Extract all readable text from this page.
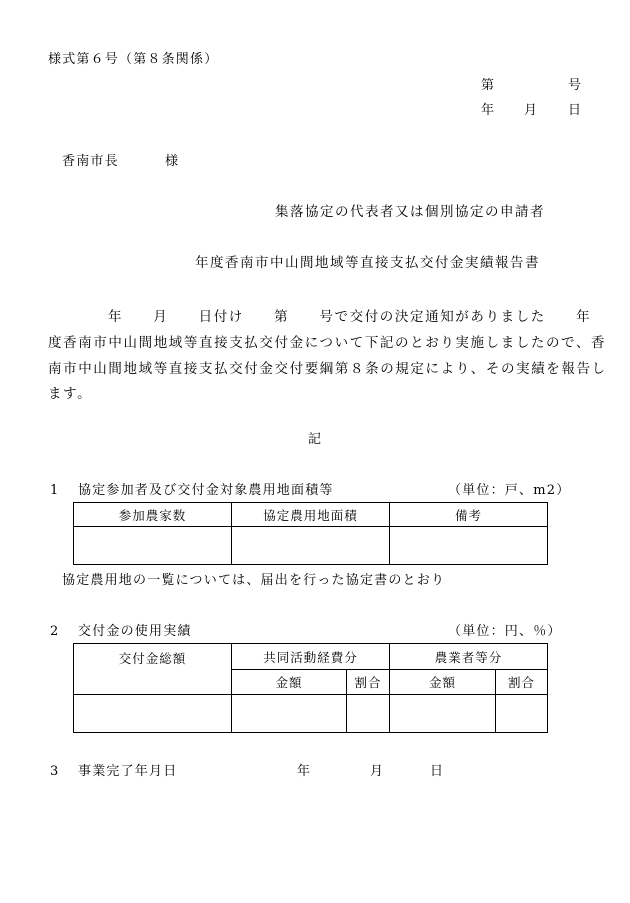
様式第６号（第８条関係）
第	号
年 月 日
香南市長	様
集落協定の代表者又は個別協定の申請者
年度香南市中山間地域等直接支払交付金実績報告書
年　　月　　日付け　　第　　号で交付の決定通知がありました　　年
度香南市中山間地域等直接支払交付金について下記のとおり実施しましたので、香
南市中山間地域等直接支払交付金交付要綱第８条の規定により、その実績を報告し
ます。
記
1 協定参加者及び交付金対象農用地面積等	（単位：戸、m2）
参加農家数	協定農用地面積	備考

協定農用地の一覧については、届出を行った協定書のとおり
2 交付金の使用実績	（単位：円、％）
交付金総額	共同活動経費分		農業者等分	
	金額	割合	金額	割合

3 事業完了年月日	年	月	日
